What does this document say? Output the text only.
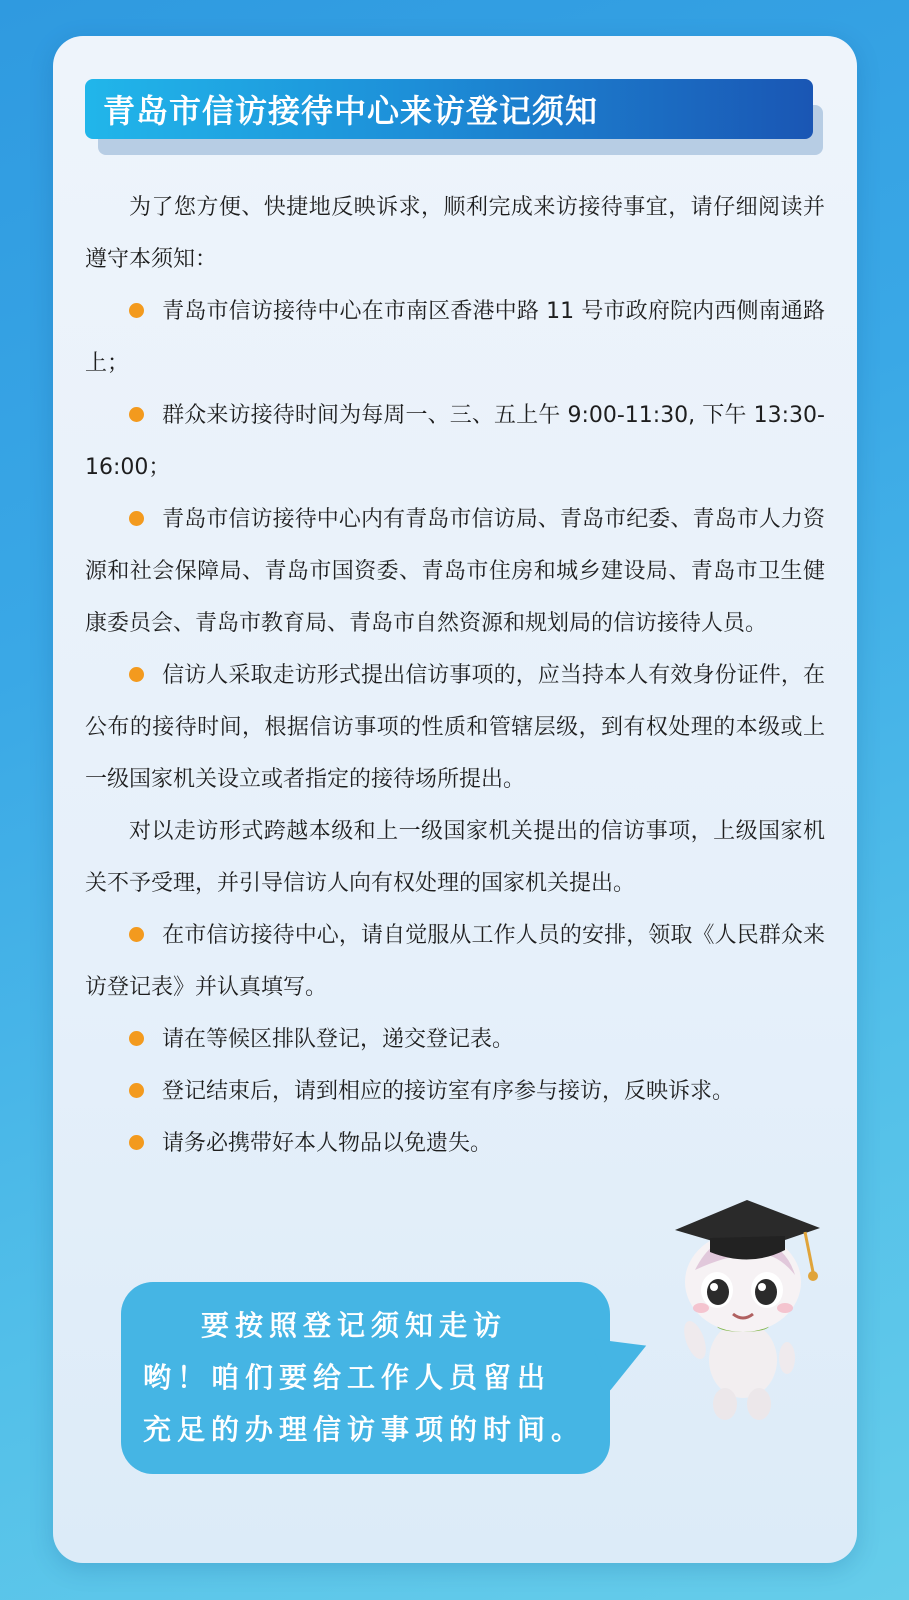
青岛市信访接待中心来访登记须知

为了您方便、快捷地反映诉求，顺利完成来访接待事宜，请仔细阅读并遵守本须知：

青岛市信访接待中心在市南区香港中路 11 号市政府院内西侧南通路上；

群众来访接待时间为每周一、三、五上午 9:00-11:30, 下午 13:30-16:00；

青岛市信访接待中心内有青岛市信访局、青岛市纪委、青岛市人力资源和社会保障局、青岛市国资委、青岛市住房和城乡建设局、青岛市卫生健康委员会、青岛市教育局、青岛市自然资源和规划局的信访接待人员。

信访人采取走访形式提出信访事项的，应当持本人有效身份证件，在公布的接待时间，根据信访事项的性质和管辖层级，到有权处理的本级或上一级国家机关设立或者指定的接待场所提出。

对以走访形式跨越本级和上一级国家机关提出的信访事项，上级国家机关不予受理，并引导信访人向有权处理的国家机关提出。

在市信访接待中心，请自觉服从工作人员的安排，领取《人民群众来访登记表》并认真填写。

请在等候区排队登记，递交登记表。

登记结束后，请到相应的接访室有序参与接访，反映诉求。

请务必携带好本人物品以免遗失。

要按照登记须知走访
哟！咱们要给工作人员留出
充足的办理信访事项的时间。
